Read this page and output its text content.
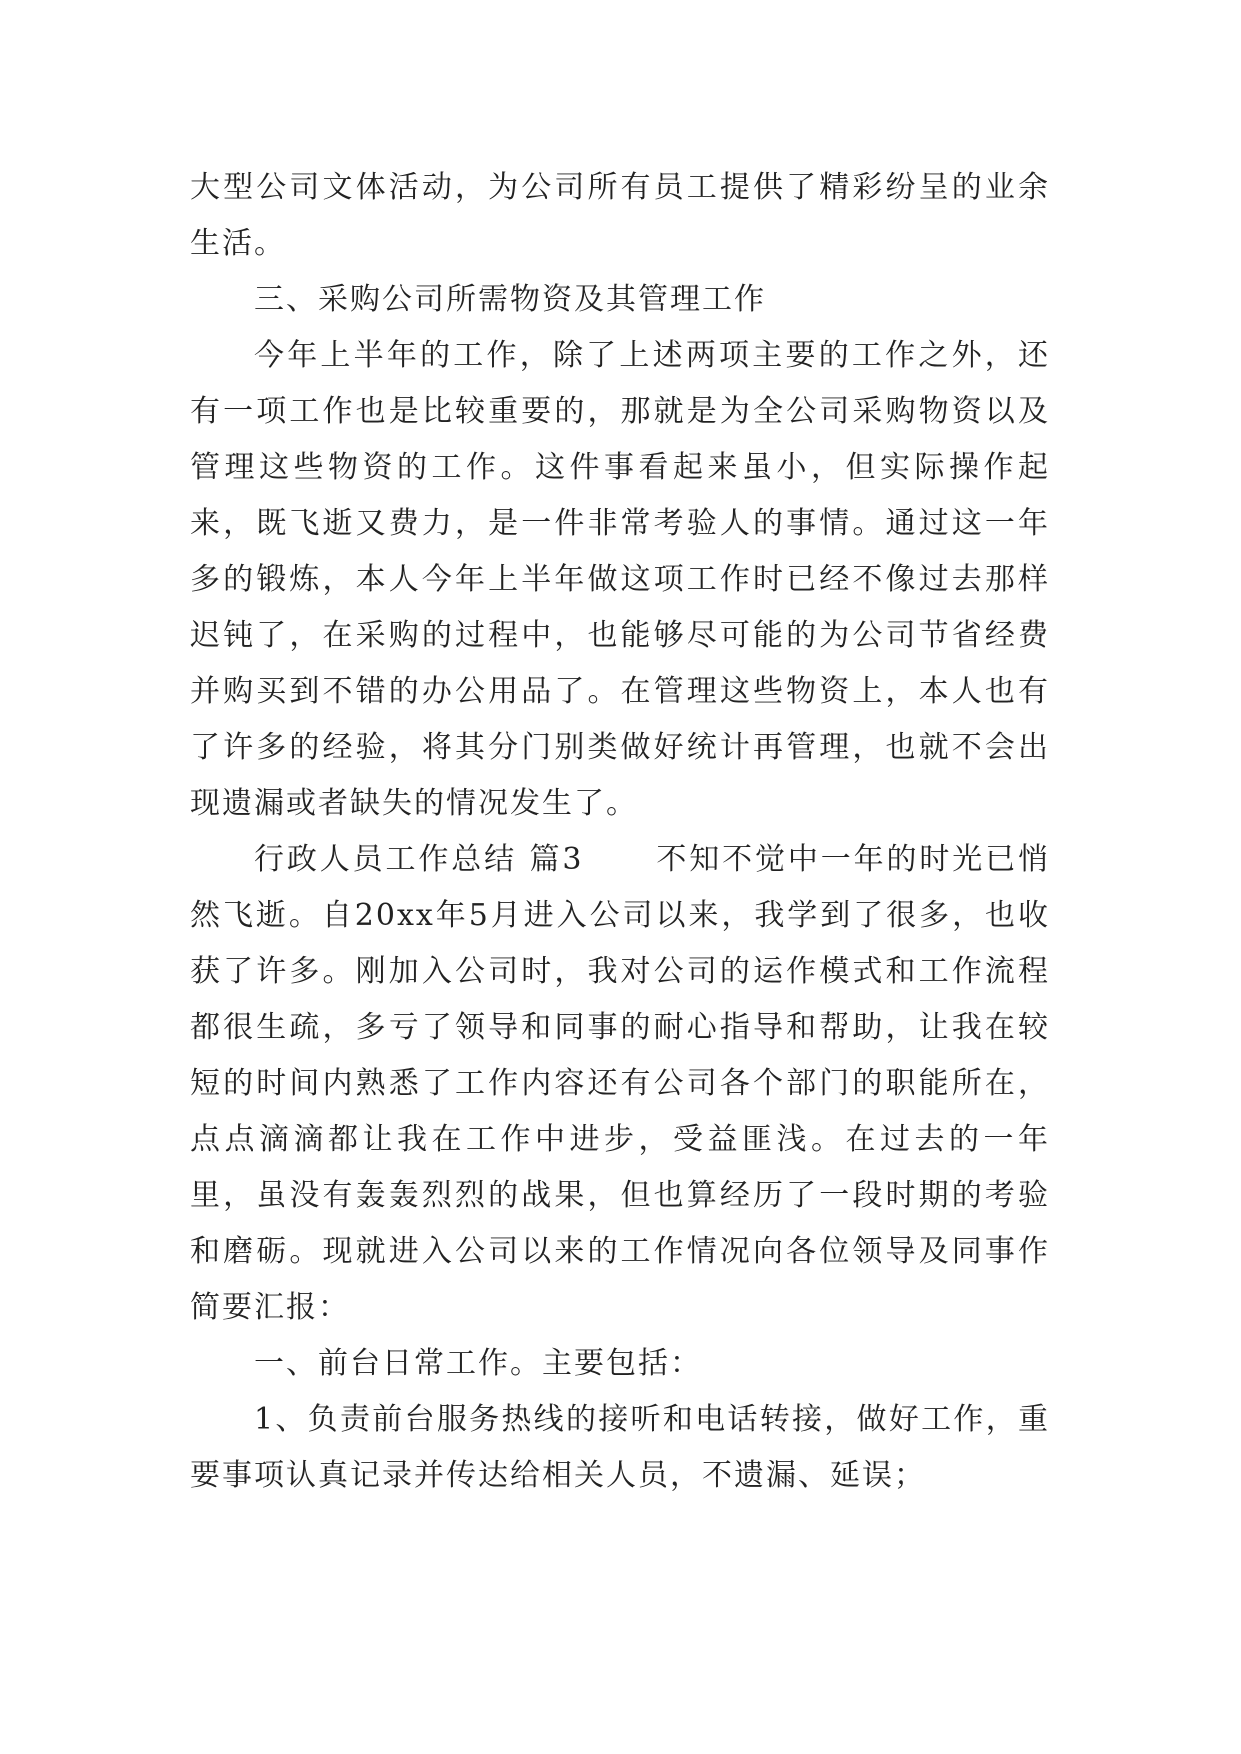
大型公司文体活动，为公司所有员工提供了精彩纷呈的业余生活。

三、采购公司所需物资及其管理工作

今年上半年的工作，除了上述两项主要的工作之外，还有一项工作也是比较重要的，那就是为全公司采购物资以及管理这些物资的工作。这件事看起来虽小，但实际操作起来，既飞逝又费力，是一件非常考验人的事情。通过这一年多的锻炼，本人今年上半年做这项工作时已经不像过去那样迟钝了，在采购的过程中，也能够尽可能的为公司节省经费并购买到不错的办公用品了。在管理这些物资上，本人也有了许多的经验，将其分门别类做好统计再管理，也就不会出现遗漏或者缺失的情况发生了。

行政人员工作总结 篇3 不知不觉中一年的时光已悄然飞逝。自20xx年5月进入公司以来，我学到了很多，也收获了许多。刚加入公司时，我对公司的运作模式和工作流程都很生疏，多亏了领导和同事的耐心指导和帮助，让我在较短的时间内熟悉了工作内容还有公司各个部门的职能所在，点点滴滴都让我在工作中进步，受益匪浅。在过去的一年里，虽没有轰轰烈烈的战果，但也算经历了一段时期的考验和磨砺。现就进入公司以来的工作情况向各位领导及同事作简要汇报：

一、前台日常工作。主要包括：

1、负责前台服务热线的接听和电话转接，做好工作，重要事项认真记录并传达给相关人员，不遗漏、延误；
